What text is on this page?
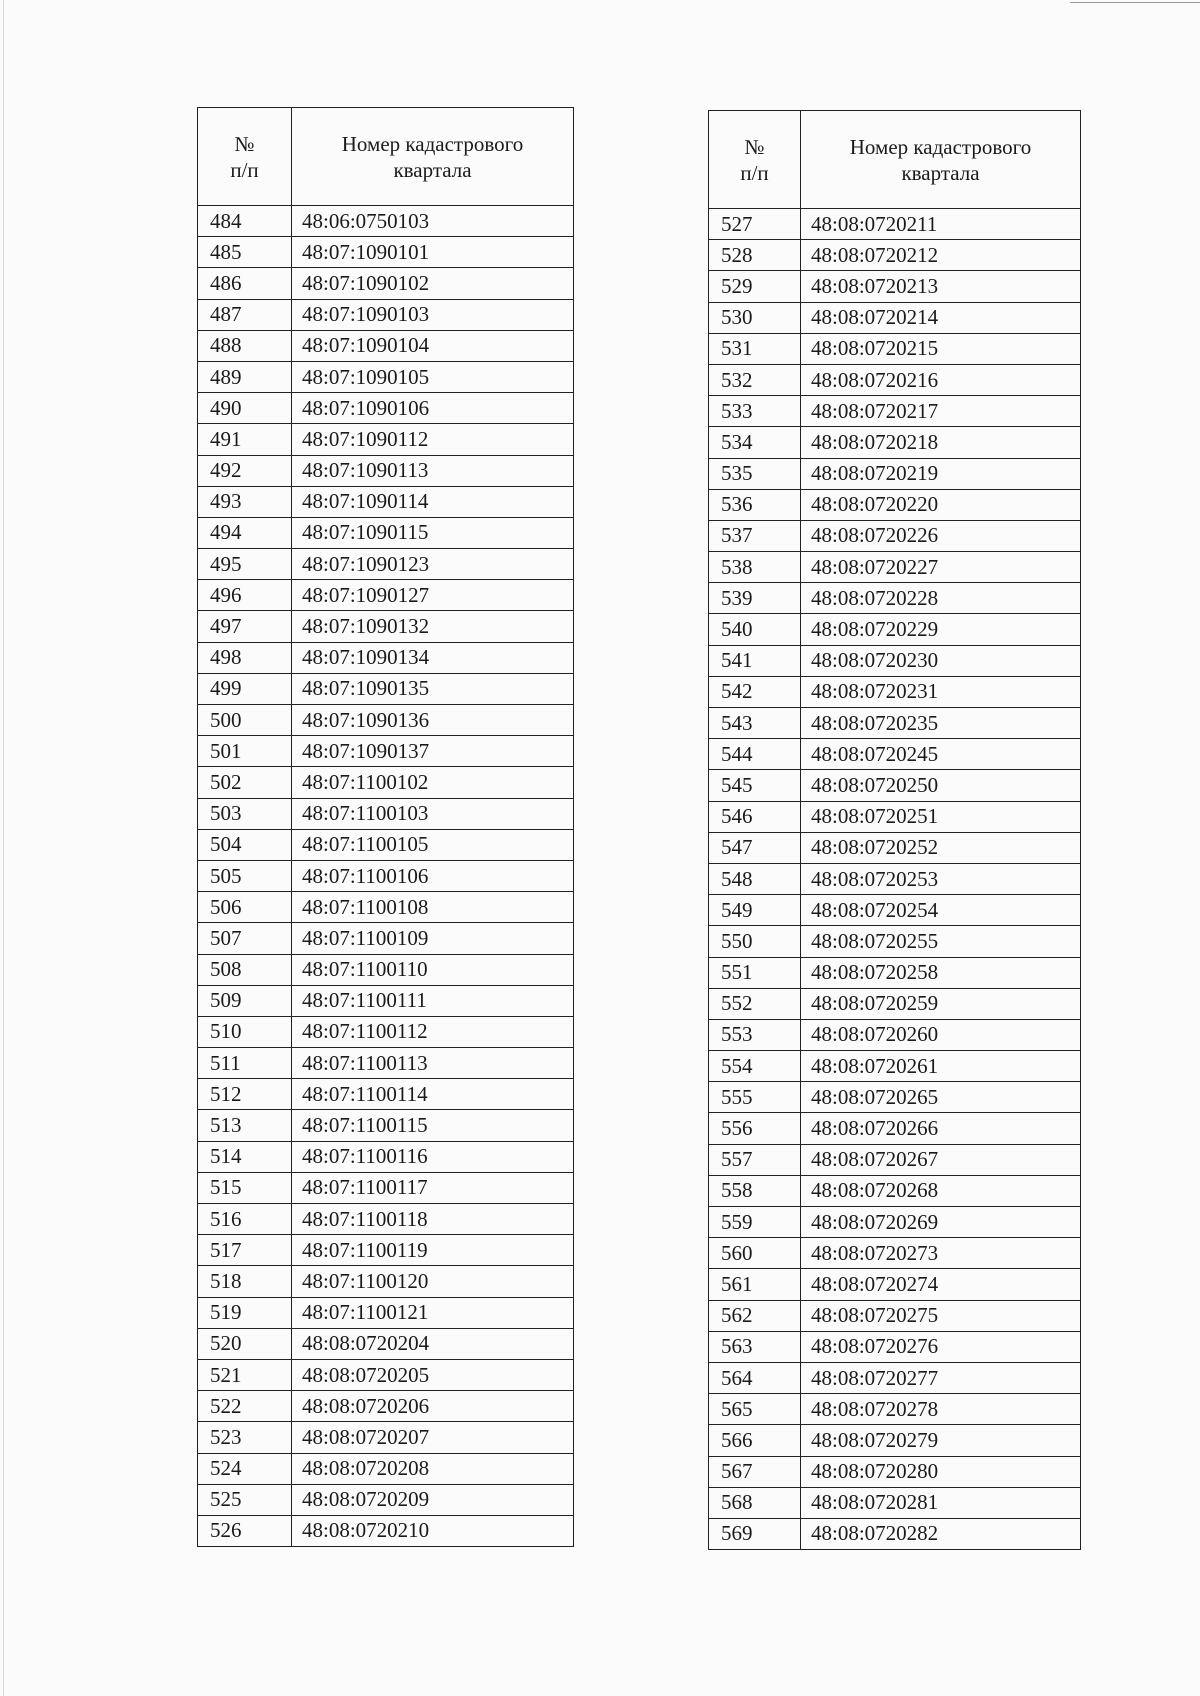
№
п/п	Номер кадастрового
квартала

484	48:06:0750103
485	48:07:1090101
486	48:07:1090102
487	48:07:1090103
488	48:07:1090104
489	48:07:1090105
490	48:07:1090106
491	48:07:1090112
492	48:07:1090113
493	48:07:1090114
494	48:07:1090115
495	48:07:1090123
496	48:07:1090127
497	48:07:1090132
498	48:07:1090134
499	48:07:1090135
500	48:07:1090136
501	48:07:1090137
502	48:07:1100102
503	48:07:1100103
504	48:07:1100105
505	48:07:1100106
506	48:07:1100108
507	48:07:1100109
508	48:07:1100110
509	48:07:1100111
510	48:07:1100112
511	48:07:1100113
512	48:07:1100114
513	48:07:1100115
514	48:07:1100116
515	48:07:1100117
516	48:07:1100118
517	48:07:1100119
518	48:07:1100120
519	48:07:1100121
520	48:08:0720204
521	48:08:0720205
522	48:08:0720206
523	48:08:0720207
524	48:08:0720208
525	48:08:0720209
526	48:08:0720210
№
п/п	Номер кадастрового
квартала

527	48:08:0720211
528	48:08:0720212
529	48:08:0720213
530	48:08:0720214
531	48:08:0720215
532	48:08:0720216
533	48:08:0720217
534	48:08:0720218
535	48:08:0720219
536	48:08:0720220
537	48:08:0720226
538	48:08:0720227
539	48:08:0720228
540	48:08:0720229
541	48:08:0720230
542	48:08:0720231
543	48:08:0720235
544	48:08:0720245
545	48:08:0720250
546	48:08:0720251
547	48:08:0720252
548	48:08:0720253
549	48:08:0720254
550	48:08:0720255
551	48:08:0720258
552	48:08:0720259
553	48:08:0720260
554	48:08:0720261
555	48:08:0720265
556	48:08:0720266
557	48:08:0720267
558	48:08:0720268
559	48:08:0720269
560	48:08:0720273
561	48:08:0720274
562	48:08:0720275
563	48:08:0720276
564	48:08:0720277
565	48:08:0720278
566	48:08:0720279
567	48:08:0720280
568	48:08:0720281
569	48:08:0720282
